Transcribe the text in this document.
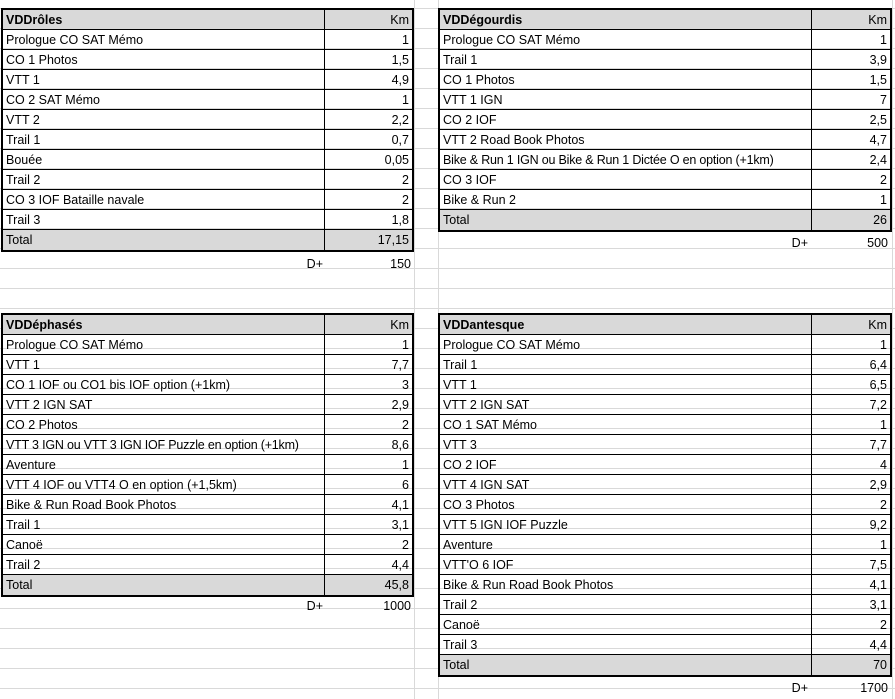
VDDrôles	Km
Prologue CO SAT Mémo	1
CO 1 Photos	1,5
VTT 1	4,9
CO 2 SAT Mémo	1
VTT 2	2,2
Trail 1	0,7
Bouée	0,05
Trail 2	2
CO 3 IOF Bataille navale	2
Trail 3	1,8
Total	17,15
D+	150
VDDégourdis	Km
Prologue CO SAT Mémo	1
Trail 1	3,9
CO 1 Photos	1,5
VTT 1 IGN	7
CO 2 IOF	2,5
VTT 2 Road Book Photos	4,7
Bike & Run 1 IGN ou Bike & Run 1 Dictée O en option (+1km)	2,4
CO 3 IOF	2
Bike & Run 2	1
Total	26
D+	500
VDDéphasés	Km
Prologue CO SAT Mémo	1
VTT 1	7,7
CO 1 IOF ou CO1 bis IOF option (+1km)	3
VTT 2 IGN SAT	2,9
CO 2 Photos	2
VTT 3 IGN ou VTT 3 IGN IOF Puzzle en option (+1km)	8,6
Aventure	1
VTT 4 IOF ou VTT4 O en option (+1,5km)	6
Bike & Run Road Book Photos	4,1
Trail 1	3,1
Canoë	2
Trail 2	4,4
Total	45,8
D+	1000
VDDantesque	Km
Prologue CO SAT Mémo	1
Trail 1	6,4
VTT 1	6,5
VTT 2 IGN SAT	7,2
CO 1 SAT Mémo	1
VTT 3	7,7
CO 2 IOF	4
VTT 4 IGN SAT	2,9
CO 3 Photos	2
VTT 5 IGN IOF Puzzle	9,2
Aventure	1
VTT'O 6 IOF	7,5
Bike & Run Road Book Photos	4,1
Trail 2	3,1
Canoë	2
Trail 3	4,4
Total	70
D+	1700
